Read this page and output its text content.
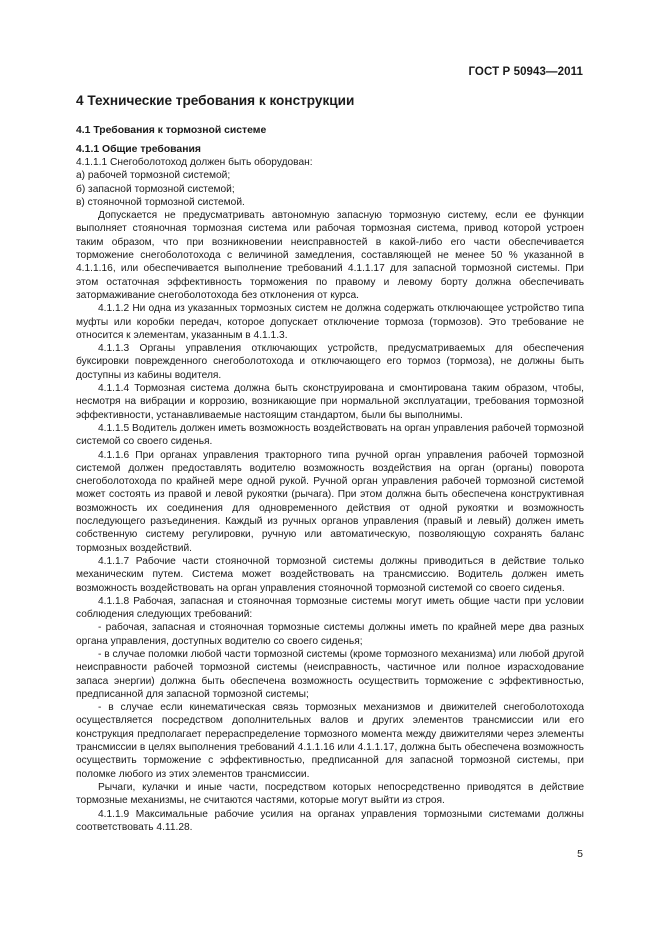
ГОСТ Р 50943—2011
4 Технические требования к конструкции
4.1 Требования к тормозной системе
4.1.1 Общие требования

4.1.1.1 Снегоболотоход должен быть оборудован:

а) рабочей тормозной системой;

б) запасной тормозной системой;

в) стояночной тормозной системой.

Допускается не предусматривать автономную запасную тормозную систему, если ее функции выполняет стояночная тормозная система или рабочая тормозная система, привод которой устроен таким образом, что при возникновении неисправностей в какой-либо его части обеспечивается торможение снегоболотохода с величиной замедления, составляющей не менее 50 % указанной в 4.1.1.16, или обеспечивается выполнение требований 4.1.1.17 для запасной тормозной системы. При этом остаточная эффективность торможения по правому и левому борту должна обеспечивать затормаживание снегоболотохода без отклонения от курса.

4.1.1.2 Ни одна из указанных тормозных систем не должна содержать отключающее устройство типа муфты или коробки передач, которое допускает отключение тормоза (тормозов). Это требование не относится к элементам, указанным в 4.1.1.3.

4.1.1.3 Органы управления отключающих устройств, предусматриваемых для обеспечения буксировки поврежденного снегоболотохода и отключающего его тормоз (тормоза), не должны быть доступны из кабины водителя.

4.1.1.4 Тормозная система должна быть сконструирована и смонтирована таким образом, чтобы, несмотря на вибрации и коррозию, возникающие при нормальной эксплуатации, требования тормозной эффективности, устанавливаемые настоящим стандартом, были бы выполнимы.

4.1.1.5 Водитель должен иметь возможность воздействовать на орган управления рабочей тормозной системой со своего сиденья.

4.1.1.6 При органах управления тракторного типа ручной орган управления рабочей тормозной системой должен предоставлять водителю возможность воздействия на орган (органы) поворота снегоболотохода по крайней мере одной рукой. Ручной орган управления рабочей тормозной системой может состоять из правой и левой рукоятки (рычага). При этом должна быть обеспечена конструктивная возможность их соединения для одновременного действия от одной рукоятки и возможность последующего разъединения. Каждый из ручных органов управления (правый и левый) должен иметь собственную систему регулировки, ручную или автоматическую, позволяющую сохранять баланс тормозных воздействий.

4.1.1.7 Рабочие части стояночной тормозной системы должны приводиться в действие только механическим путем. Система может воздействовать на трансмиссию. Водитель должен иметь возможность воздействовать на орган управления стояночной тормозной системой со своего сиденья.

4.1.1.8 Рабочая, запасная и стояночная тормозные системы могут иметь общие части при условии соблюдения следующих требований:

- рабочая, запасная и стояночная тормозные системы должны иметь по крайней мере два разных органа управления, доступных водителю со своего сиденья;

- в случае поломки любой части тормозной системы (кроме тормозного механизма) или любой другой неисправности рабочей тормозной системы (неисправность, частичное или полное израсходование запаса энергии) должна быть обеспечена возможность осуществить торможение с эффективностью, предписанной для запасной тормозной системы;

- в случае если кинематическая связь тормозных механизмов и движителей снегоболотохода осуществляется посредством дополнительных валов и других элементов трансмиссии или его конструкция предполагает перераспределение тормозного момента между движителями через элементы трансмиссии в целях выполнения требований 4.1.1.16 или 4.1.1.17, должна быть обеспечена возможность осуществить торможение с эффективностью, предписанной для запасной тормозной системы, при поломке любого из этих элементов трансмиссии.

Рычаги, кулачки и иные части, посредством которых непосредственно приводятся в действие тормозные механизмы, не считаются частями, которые могут выйти из строя.

4.1.1.9 Максимальные рабочие усилия на органах управления тормозными системами должны соответствовать 4.11.28.

5
